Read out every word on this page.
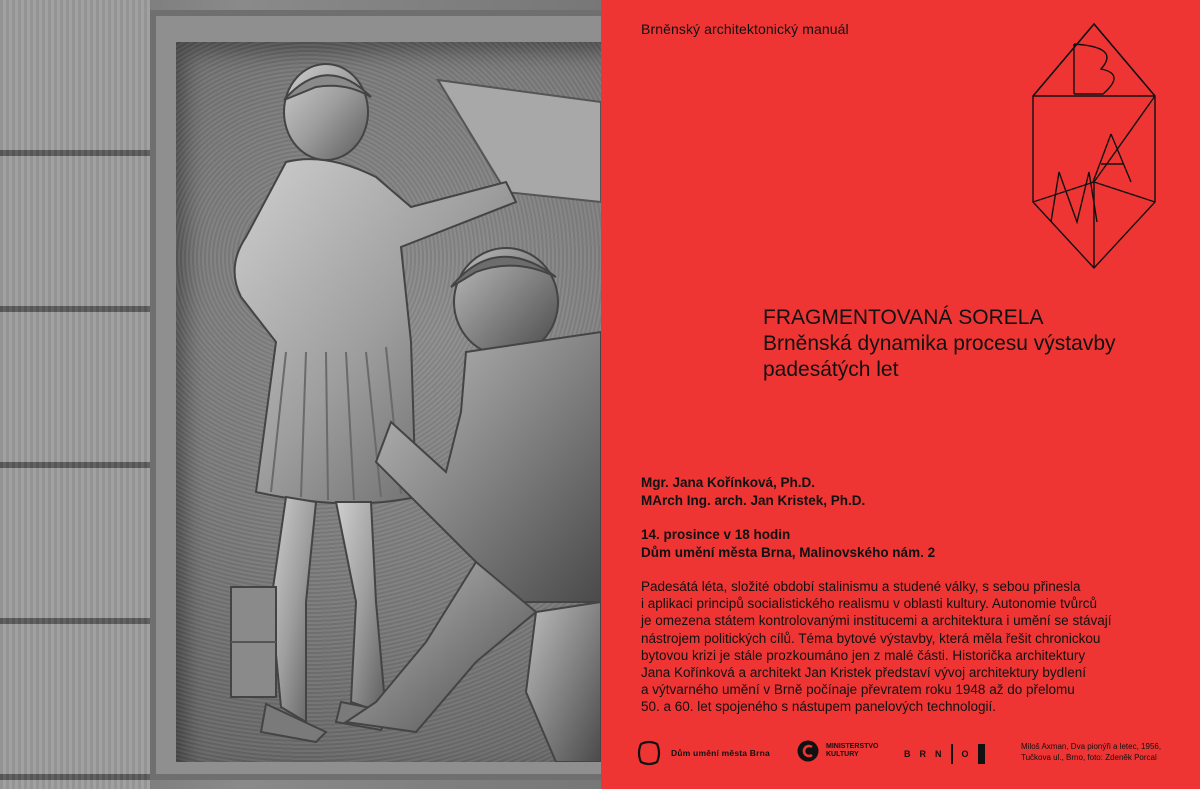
Brněnský architektonický manuál
FRAGMENTOVANÁ SORELA
Brněnská dynamika procesu výstavby
padesátých let
Mgr. Jana Kořínková, Ph.D.
MArch Ing. arch. Jan Kristek, Ph.D.
14. prosince v 18 hodin
Dům umění města Brna, Malinovského nám. 2
Padesátá léta, složité období stalinismu a studené války, s sebou přinesla
i aplikaci principů socialistického realismu v oblasti kultury. Autonomie tvůrců
je omezena státem kontrolovanými institucemi a architektura i umění se stávají
nástrojem politických cílů. Téma bytové výstavby, která měla řešit chronickou
bytovou krizi je stále prozkoumáno jen z malé části. Historička architektury
Jana Kořínková a architekt Jan Kristek představí vývoj architektury bydlení
a výtvarného umění v Brně počínaje převratem roku 1948 až do přelomu
50. a 60. let spojeného s nástupem panelových technologií.
Dům umění města Brna
MINISTERSTVO
KULTURY	B R N O
Miloš Axman, Dva pionýři a letec, 1956, Tučkova ul., Brno, foto: Zdeněk Porcal
